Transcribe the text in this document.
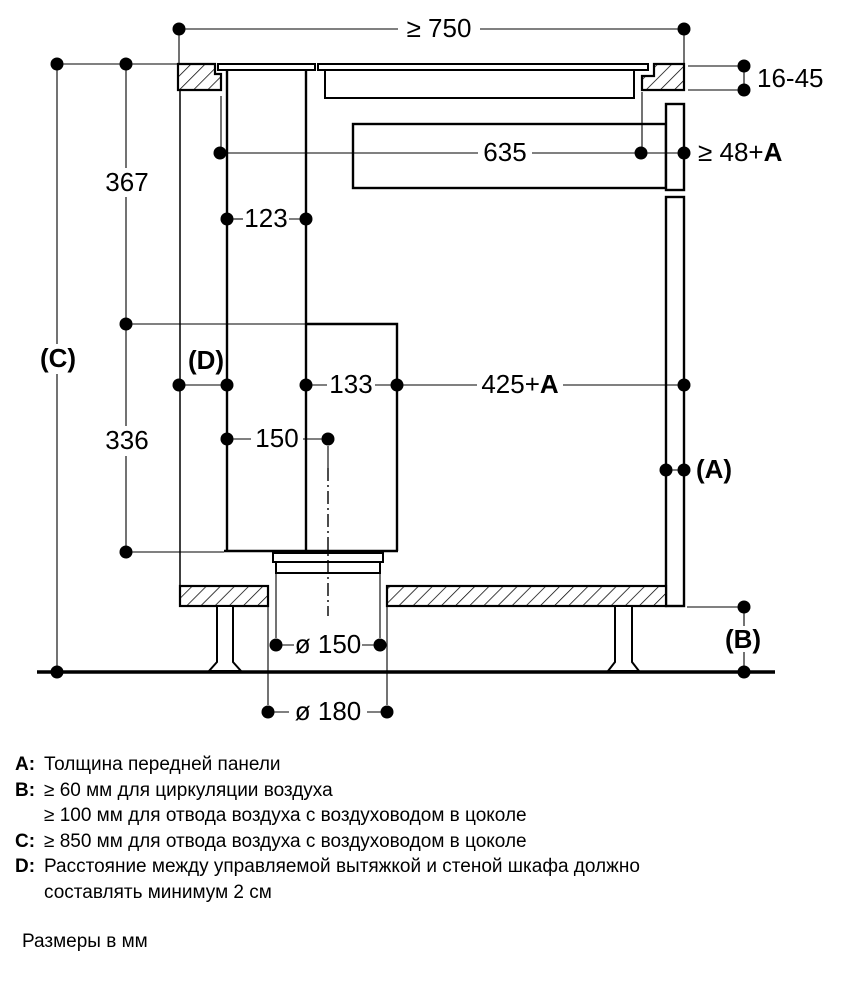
≥ 750
16-45
635	≥ 48+A
367
336
(C)
123
(D)
133	425+A
150
(A)
(B)
ø 150
ø 180
A: Толщина передней панели
B: ≥ 60 мм для циркуляции воздуха
≥ 100 мм для отвода воздуха с воздуховодом в цоколе
C: ≥ 850 мм для отвода воздуха с воздуховодом в цоколе
D: Расстояние между управляемой вытяжкой и стеной шкафа должно
составлять минимум 2 см
Размеры в мм
